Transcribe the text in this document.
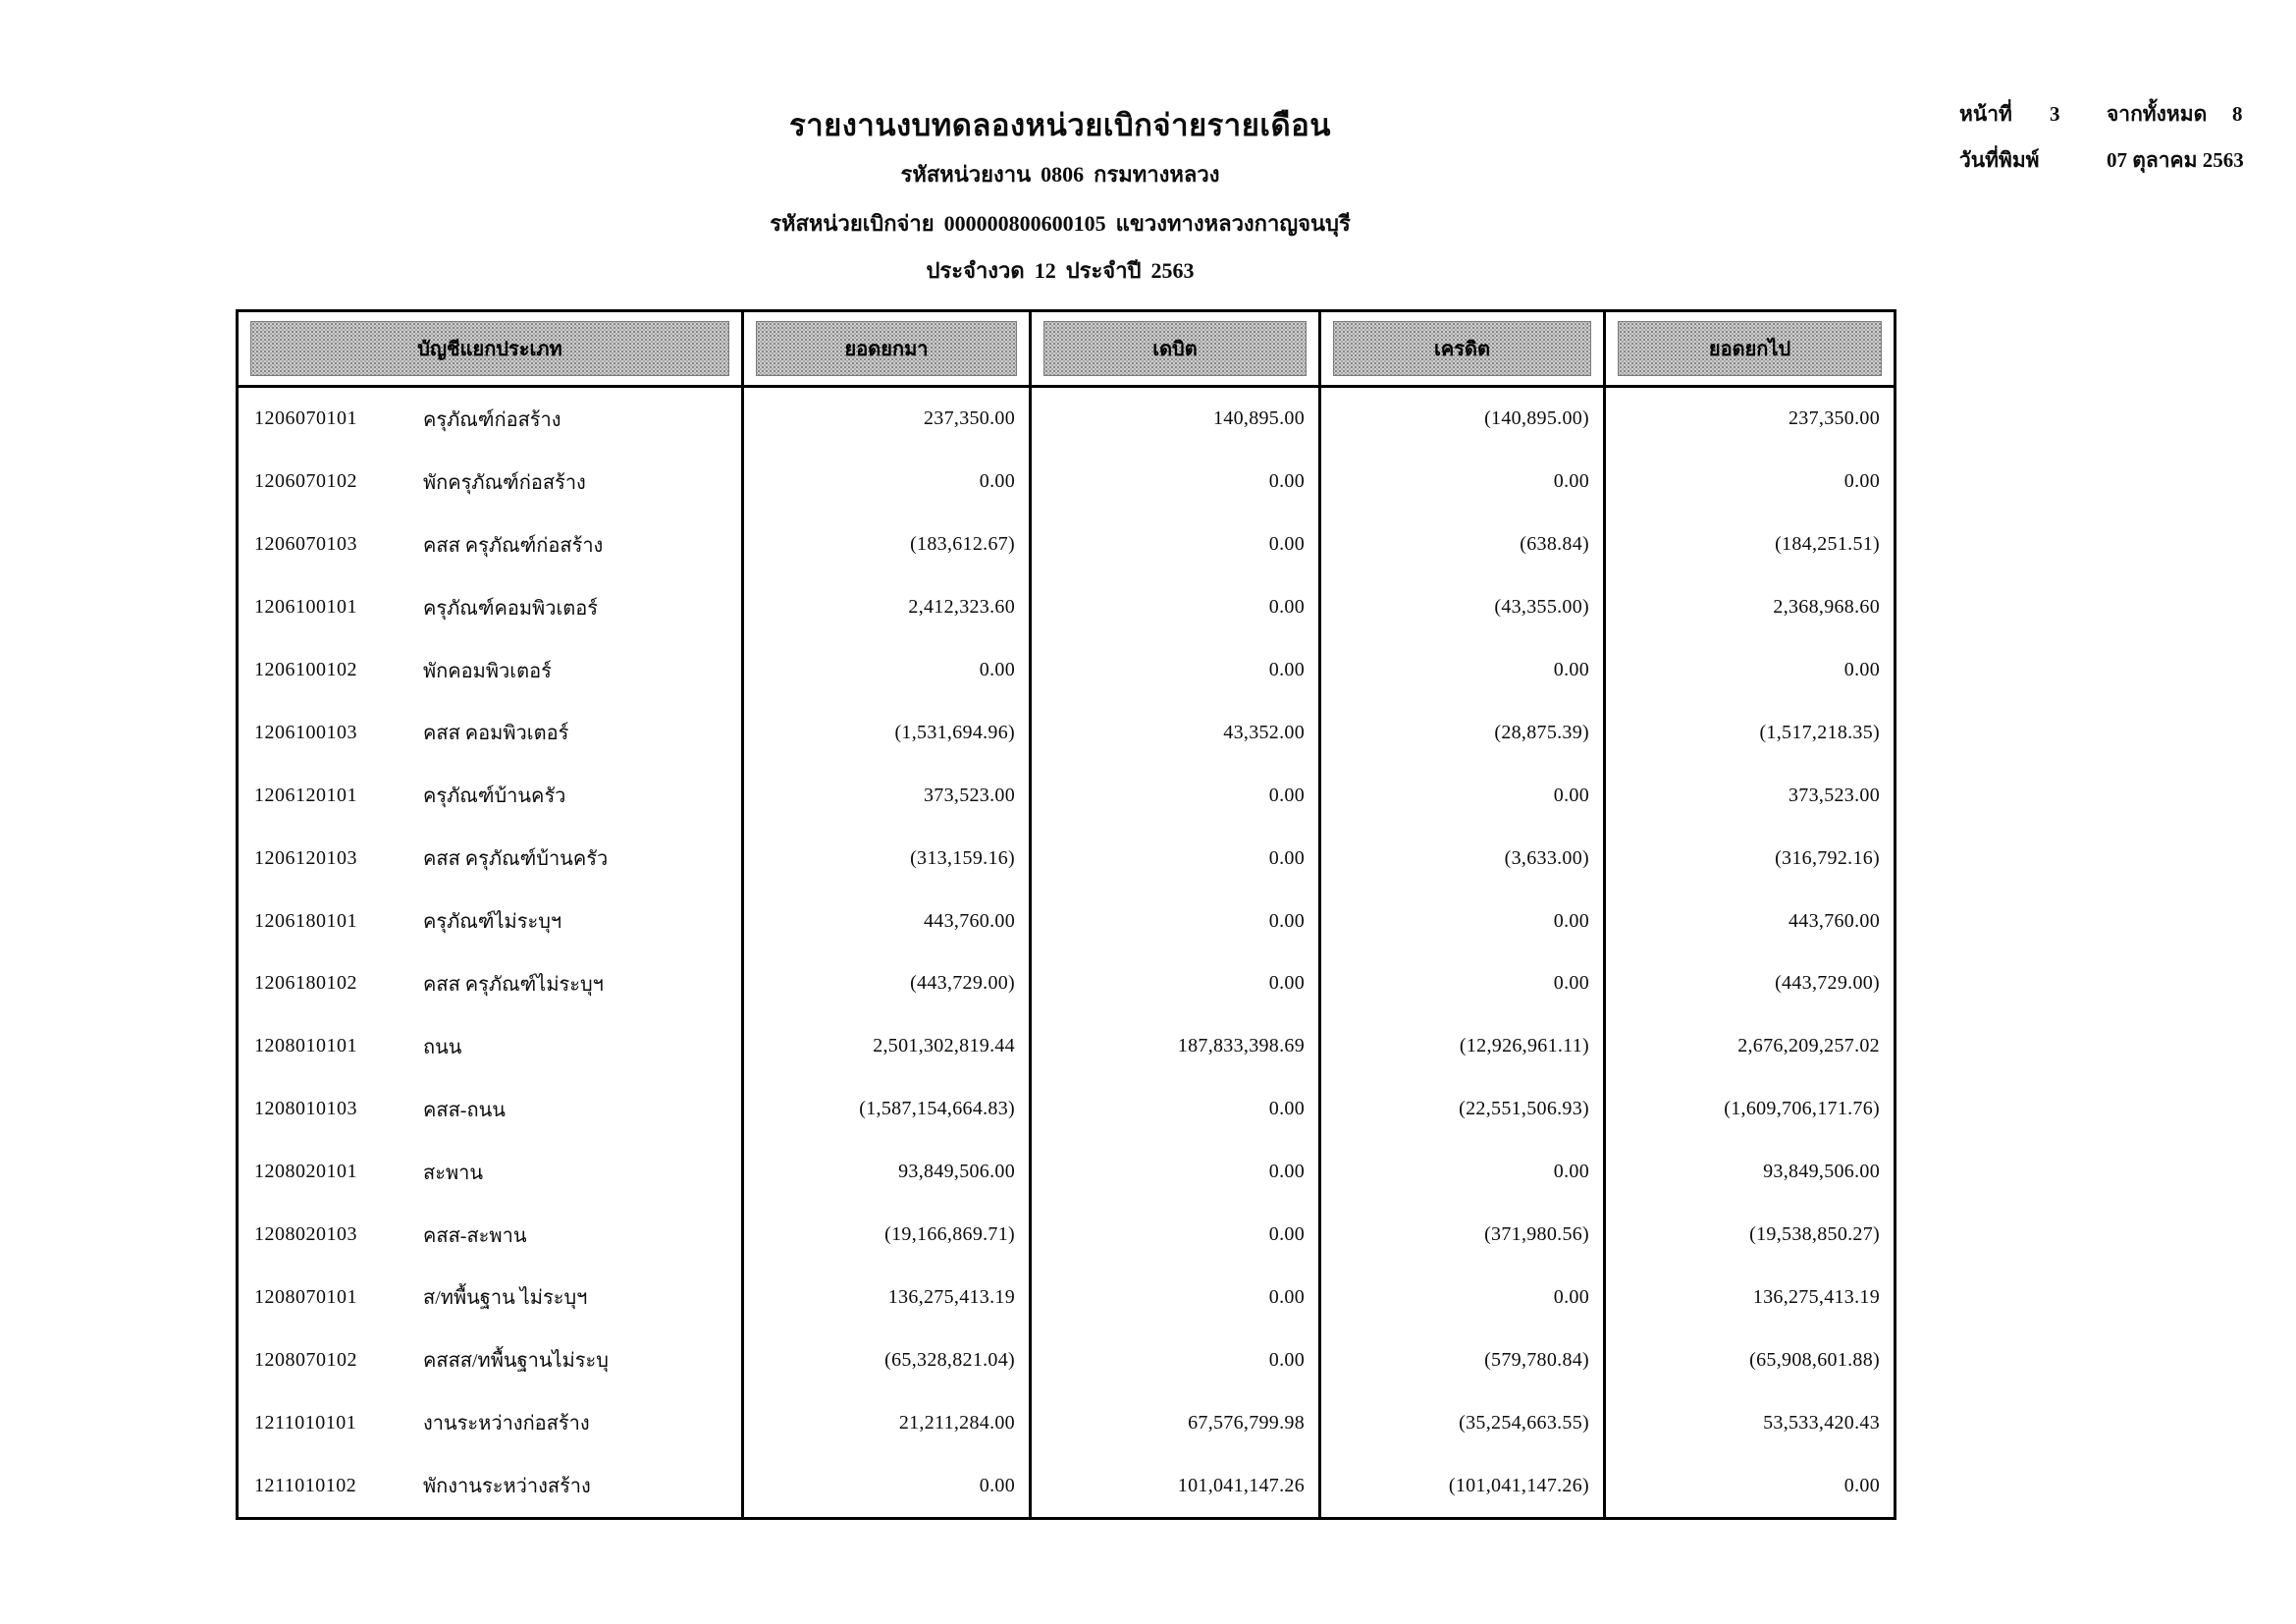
รายงานงบทดลองหน่วยเบิกจ่ายรายเดือน
รหัสหน่วยงาน 0806 กรมทางหลวง
รหัสหน่วยเบิกจ่าย 000000800600105 แขวงทางหลวงกาญจนบุรี
ประจำงวด 12 ประจำปี 2563
หน้าที่	3	จากทั้งหมด	8
วันที่พิมพ์	07 ตุลาคม 2563
บัญชีแยกประเภท	ยอดยกมา	เดบิต	เครดิต	ยอดยกไป
1206070101	ครุภัณฑ์ก่อสร้าง	237,350.00	140,895.00	(140,895.00)	237,350.00
1206070102	พักครุภัณฑ์ก่อสร้าง	0.00	0.00	0.00	0.00
1206070103	คสส ครุภัณฑ์ก่อสร้าง	(183,612.67)	0.00	(638.84)	(184,251.51)
1206100101	ครุภัณฑ์คอมพิวเตอร์	2,412,323.60	0.00	(43,355.00)	2,368,968.60
1206100102	พักคอมพิวเตอร์	0.00	0.00	0.00	0.00
1206100103	คสส คอมพิวเตอร์	(1,531,694.96)	43,352.00	(28,875.39)	(1,517,218.35)
1206120101	ครุภัณฑ์บ้านครัว	373,523.00	0.00	0.00	373,523.00
1206120103	คสส ครุภัณฑ์บ้านครัว	(313,159.16)	0.00	(3,633.00)	(316,792.16)
1206180101	ครุภัณฑ์ไม่ระบุฯ	443,760.00	0.00	0.00	443,760.00
1206180102	คสส ครุภัณฑ์ไม่ระบุฯ	(443,729.00)	0.00	0.00	(443,729.00)
1208010101	ถนน	2,501,302,819.44	187,833,398.69	(12,926,961.11)	2,676,209,257.02
1208010103	คสส-ถนน	(1,587,154,664.83)	0.00	(22,551,506.93)	(1,609,706,171.76)
1208020101	สะพาน	93,849,506.00	0.00	0.00	93,849,506.00
1208020103	คสส-สะพาน	(19,166,869.71)	0.00	(371,980.56)	(19,538,850.27)
1208070101	ส/ทพื้นฐาน ไม่ระบุฯ	136,275,413.19	0.00	0.00	136,275,413.19
1208070102	คสสส/ทพื้นฐานไม่ระบุ	(65,328,821.04)	0.00	(579,780.84)	(65,908,601.88)
1211010101	งานระหว่างก่อสร้าง	21,211,284.00	67,576,799.98	(35,254,663.55)	53,533,420.43
1211010102	พักงานระหว่างสร้าง	0.00	101,041,147.26	(101,041,147.26)	0.00
